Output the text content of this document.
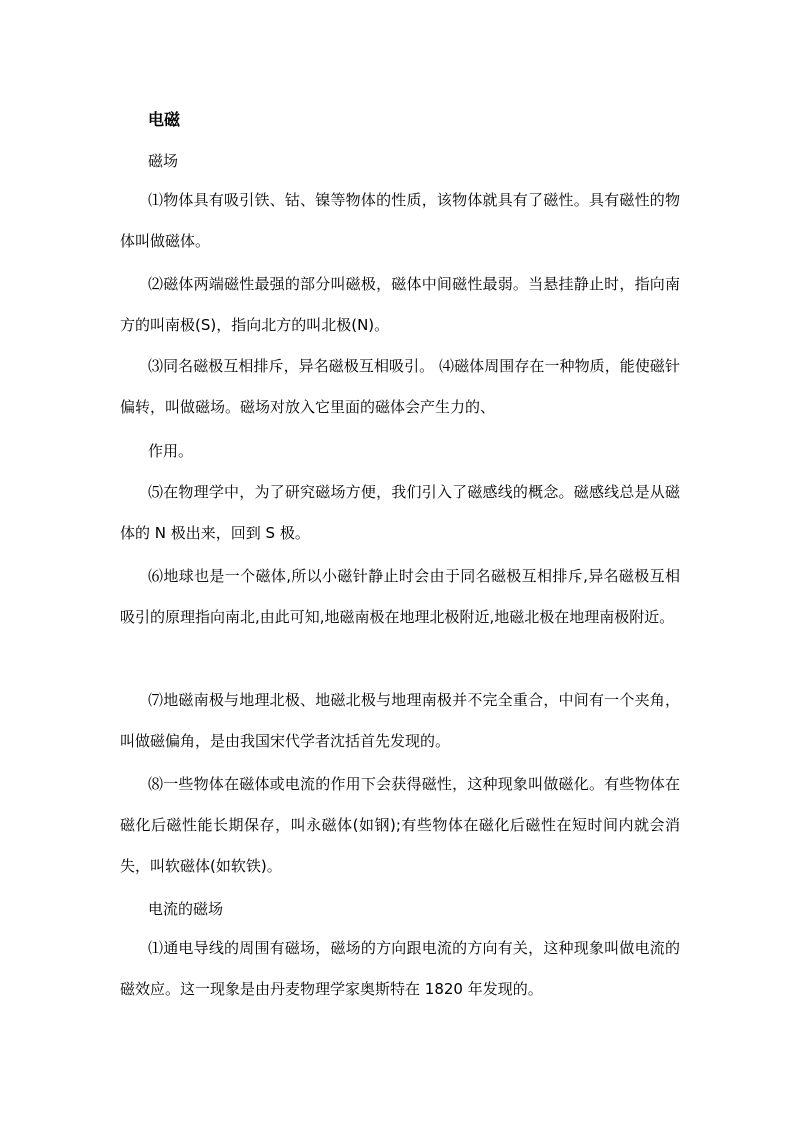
电磁
磁场

⑴物体具有吸引铁、钴、镍等物体的性质，该物体就具有了磁性。具有磁性的物体叫做磁体。

⑵磁体两端磁性最强的部分叫磁极，磁体中间磁性最弱。当悬挂静止时，指向南方的叫南极(S)，指向北方的叫北极(N)。

⑶同名磁极互相排斥，异名磁极互相吸引。 ⑷磁体周围存在一种物质，能使磁针偏转，叫做磁场。磁场对放入它里面的磁体会产生力的、

作用。

⑸在物理学中，为了研究磁场方便，我们引入了磁感线的概念。磁感线总是从磁体的 N 极出来，回到 S 极。

⑹地球也是一个磁体,所以小磁针静止时会由于同名磁极互相排斥,异名磁极互相吸引的原理指向南北,由此可知,地磁南极在地理北极附近,地磁北极在地理南极附近。

⑺地磁南极与地理北极、地磁北极与地理南极并不完全重合，中间有一个夹角，叫做磁偏角，是由我国宋代学者沈括首先发现的。

⑻一些物体在磁体或电流的作用下会获得磁性，这种现象叫做磁化。有些物体在磁化后磁性能长期保存，叫永磁体(如钢);有些物体在磁化后磁性在短时间内就会消失，叫软磁体(如软铁)。

电流的磁场

⑴通电导线的周围有磁场，磁场的方向跟电流的方向有关，这种现象叫做电流的磁效应。这一现象是由丹麦物理学家奥斯特在 1820 年发现的。
